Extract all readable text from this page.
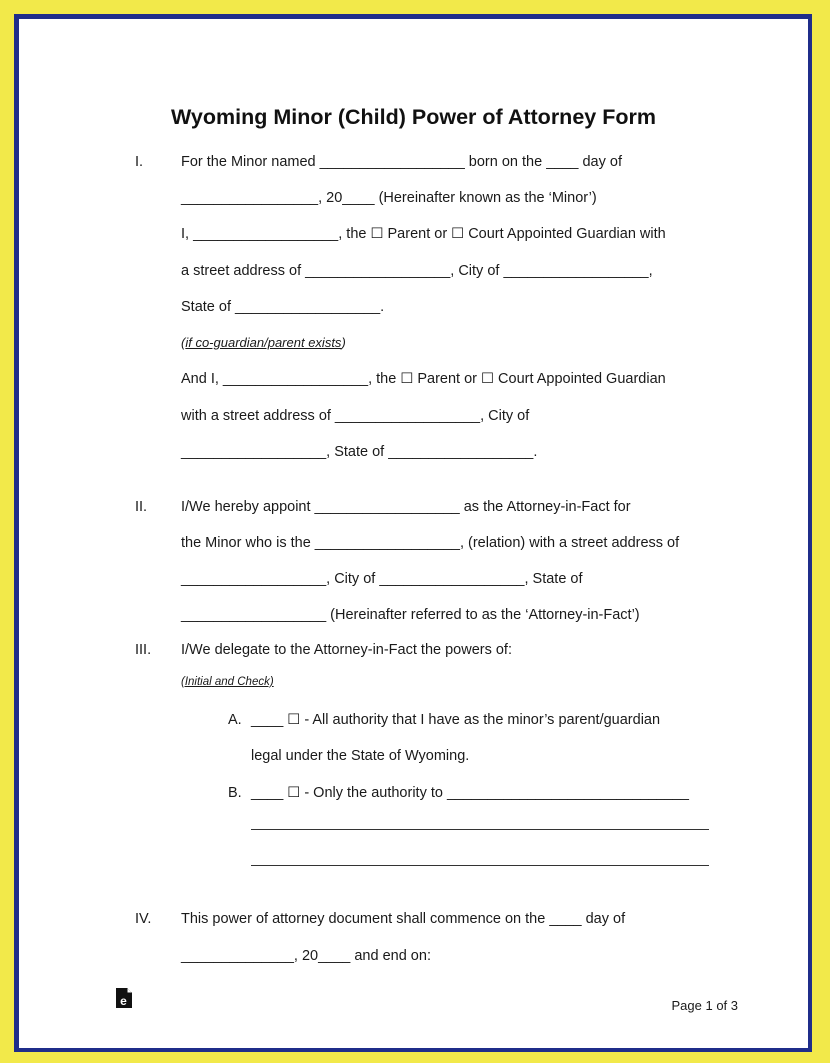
Wyoming Minor (Child) Power of Attorney Form
I.	For the Minor named __________________ born on the ____ day of
_________________, 20____ (Hereinafter known as the ‘Minor’)
I, __________________, the ☐ Parent or ☐ Court Appointed Guardian with
a street address of __________________, City of __________________,
State of __________________.
(if co-guardian/parent exists)
And I, __________________, the ☐ Parent or ☐ Court Appointed Guardian
with a street address of __________________, City of
__________________, State of __________________.
II. I/We hereby appoint __________________ as the Attorney-in-Fact for
the Minor who is the __________________, (relation) with a street address of
__________________, City of __________________, State of
__________________ (Hereinafter referred to as the ‘Attorney-in-Fact’)
III. I/We delegate to the Attorney-in-Fact the powers of:
(Initial and Check)
A. ____ ☐ - All authority that I have as the minor’s parent/guardian
legal under the State of Wyoming.
B. ____ ☐ - Only the authority to ______________________________
IV. This power of attorney document shall commence on the ____ day of
______________, 20____ and end on:
e	Page 1 of 3
